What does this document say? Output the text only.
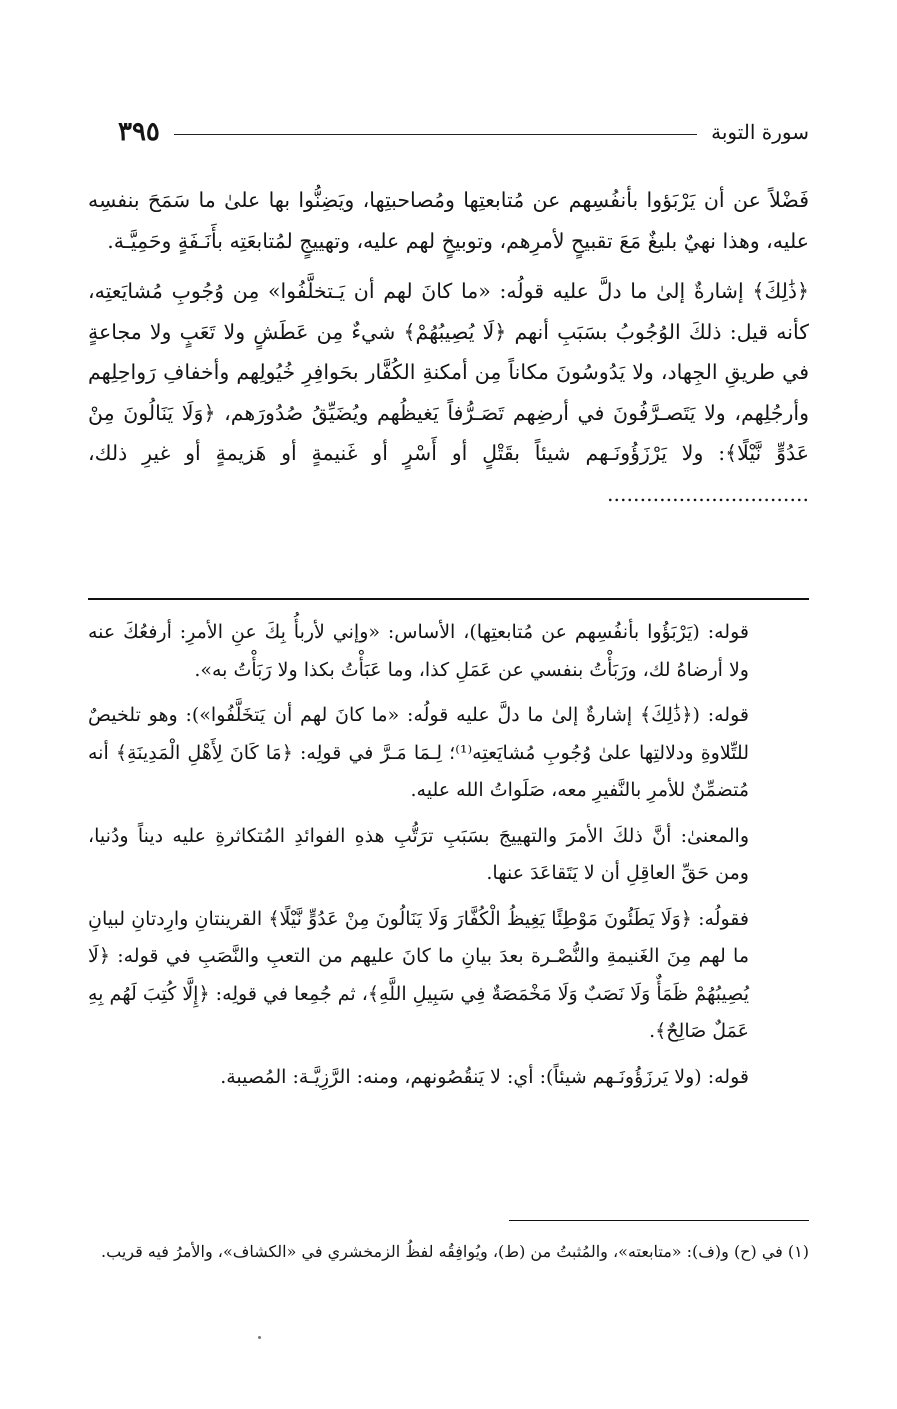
سورة التوبة
٣٩٥

فَضْلاً عن أن يَرْبَؤوا بأنفُسِهم عن مُتابعتِها ومُصاحبتِها، ويَضِنُّوا بها علىٰ ما سَمَحَ بنفسِه عليه، وهذا نهيٌ بليغٌ مَعَ تقبيحٍ لأمرِهم، وتوبيخٍ لهم عليه، وتهييجٍ لمُتابعَتِه بأَنَـفَةٍ وحَمِيَّـة.

﴿ذَٰلِكَ﴾ إشارةٌ إلىٰ ما دلَّ عليه قولُه: «ما كانَ لهم أن يَـتخلَّفُوا» مِن وُجُوبِ مُشايَعتِه، كأنه قيل: ذلكَ الوُجُوبُ بسَبَبِ أنهم ﴿لَا يُصِيبُهُمْ﴾ شيءٌ مِن عَطَشٍ ولا تَعَبٍ ولا مجاعةٍ في طريقِ الجِهاد، ولا يَدُوسُونَ مكاناً مِن أمكنةِ الكُفَّار بحَوافِرِ خُيُولِهم وأخفافِ رَواحِلِهم وأرجُلِهم، ولا يَتَصـرَّفُونَ في أرضِهم تَصَـرُّفاً يَغيظُهم ويُضَيِّقُ صُدُورَهم، ﴿وَلَا يَنَالُونَ مِنْ عَدُوٍّ نَّيْلًا﴾: ولا يَرْزَؤُونَـهم شيئاً بقَتْلٍ أو أَسْرٍ أو غَنيمةٍ أو هَزيمةٍ أو غيرِ ذلك، ...............................

قوله: (يَرْبَؤُوا بأنفُسِهم عن مُتابعتِها)، الأساس: «وإني لأربأُ بِكَ عنِ الأمرِ: أرفعُكَ عنه ولا أرضاهُ لك، ورَبَأْتُ بنفسي عن عَمَلِ كذا، وما عَبَأْتُ بكذا ولا رَبَأْتُ به».

قوله: (﴿ذَٰلِكَ﴾ إشارةٌ إلىٰ ما دلَّ عليه قولُه: «ما كانَ لهم أن يَتخَلَّفُوا»): وهو تلخيصٌ للتِّلاوةِ ودلالتِها علىٰ وُجُوبِ مُشايَعتِه⁽¹⁾؛ لِـمَا مَـرَّ في قولِه: ﴿مَا كَانَ لِأَهْلِ الْمَدِينَةِ﴾ أنه مُتضمِّنٌ للأمرِ بالنَّفيرِ معه، صَلَواتُ الله عليه.

والمعنىٰ: أنَّ ذلكَ الأمرَ والتهييجَ بسَبَبِ ترَتُّبِ هذهِ الفوائدِ المُتكاثرةِ عليه ديناً ودُنيا، ومن حَقِّ العاقِلِ أن لا يَتَقاعَدَ عنها.

فقولُه: ﴿وَلَا يَطَئُونَ مَوْطِئًا يَغِيظُ الْكُفَّارَ وَلَا يَنَالُونَ مِنْ عَدُوٍّ نَّيْلًا﴾ القرينتانِ وارِدتانِ لبيانِ ما لهم مِنَ الغَنيمةِ والنُّصْـرة بعدَ بيانِ ما كانَ عليهم من التعبِ والنَّصَبِ في قوله: ﴿لَا يُصِيبُهُمْ ظَمَأٌ وَلَا نَصَبٌ وَلَا مَخْمَصَةٌ فِي سَبِيلِ اللَّهِ﴾، ثم جُمِعا في قولِه: ﴿إِلَّا كُتِبَ لَهُم بِهِ عَمَلٌ صَالِحٌ﴾.

قوله: (ولا يَرزَؤُونَـهم شيئاً): أي: لا يَنقُصُونهم، ومنه: الرَّزِيَّـة: المُصيبة.

(١) في (ح) و(ف): «متابعته»، والمُثبتُ من (ط)، ويُوافِقُه لفظُ الزمخشري في «الكشاف»، والأمرُ فيه قريب.
